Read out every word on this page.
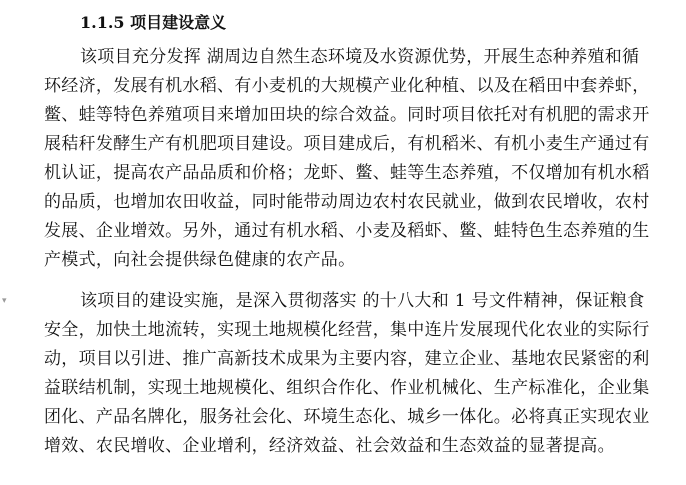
1.1.5 项目建设意义
该项目充分发挥 湖周边自然生态环境及水资源优势，开展生态种养殖和循
环经济，发展有机水稻、有小麦机的大规模产业化种植、以及在稻田中套养虾，
鳖、蛙等特色养殖项目来增加田块的综合效益。同时项目依托对有机肥的需求开
展秸秆发酵生产有机肥项目建设。项目建成后，有机稻米、有机小麦生产通过有
机认证，提高农产品品质和价格；龙虾、鳖、蛙等生态养殖，不仅增加有机水稻
的品质，也增加农田收益，同时能带动周边农村农民就业，做到农民增收，农村
发展、企业增效。另外，通过有机水稻、小麦及稻虾、鳖、蛙特色生态养殖的生
产模式，向社会提供绿色健康的农产品。
▾	该项目的建设实施，是深入贯彻落实 的十八大和 1 号文件精神，保证粮食
安全，加快土地流转，实现土地规模化经营，集中连片发展现代化农业的实际行
动，项目以引进、推广高新技术成果为主要内容，建立企业、基地农民紧密的利
益联结机制，实现土地规模化、组织合作化、作业机械化、生产标准化，企业集
团化、产品名牌化，服务社会化、环境生态化、城乡一体化。必将真正实现农业
增效、农民增收、企业增利，经济效益、社会效益和生态效益的显著提高。
